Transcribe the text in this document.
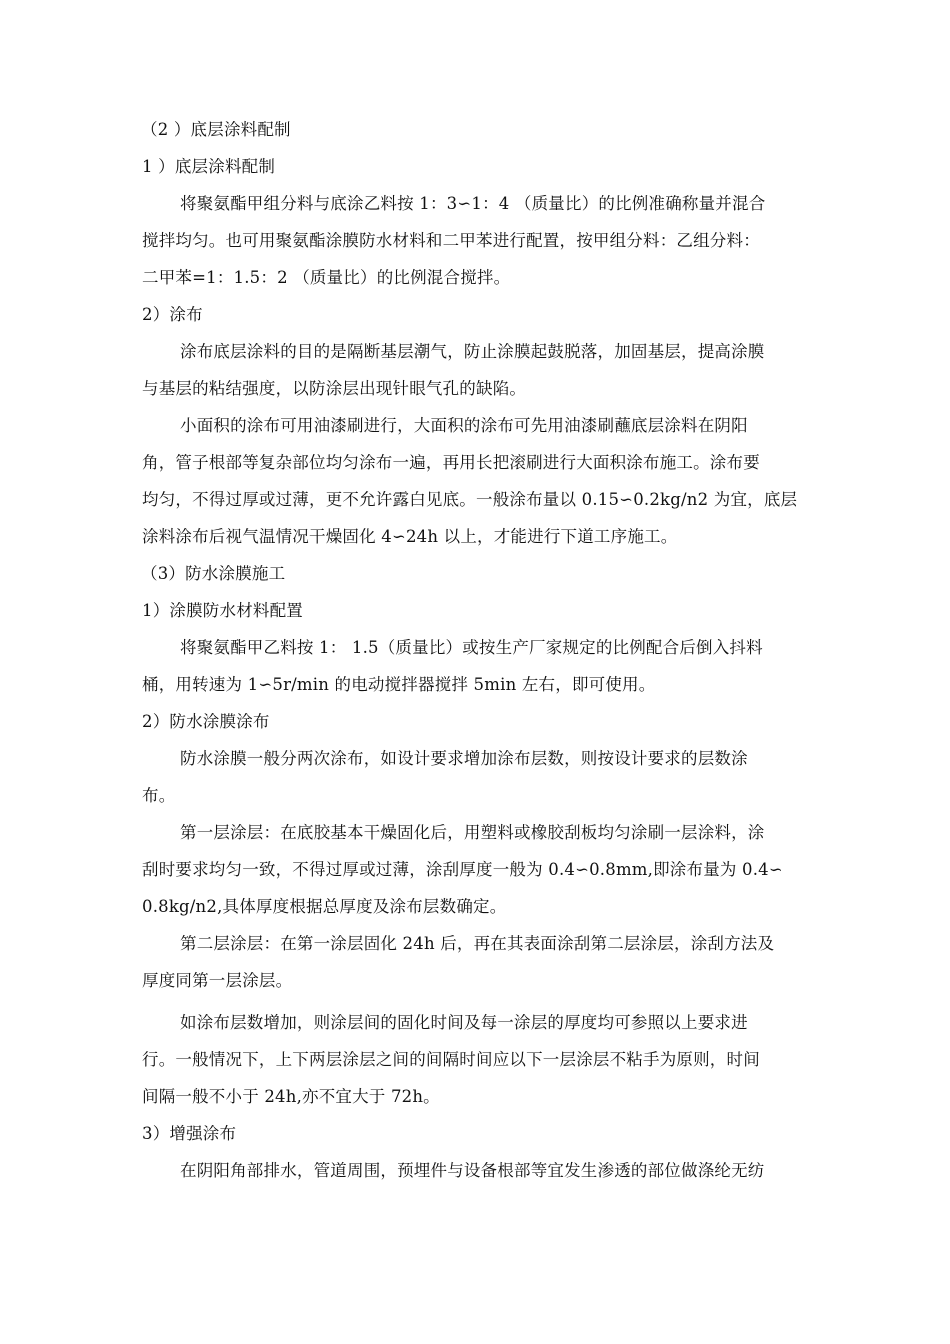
（2 ）底层涂料配制
1 ）底层涂料配制
将聚氨酯甲组分料与底涂乙料按 1：3∽1：4 （质量比）的比例准确称量并混合
搅拌均匀。也可用聚氨酯涂膜防水材料和二甲苯进行配置，按甲组分料：乙组分料：
二甲苯=1：1.5：2 （质量比）的比例混合搅拌。
2）涂布
涂布底层涂料的目的是隔断基层潮气，防止涂膜起鼓脱落，加固基层，提高涂膜
与基层的粘结强度，以防涂层出现针眼气孔的缺陷。
小面积的涂布可用油漆刷进行，大面积的涂布可先用油漆刷蘸底层涂料在阴阳
角，管子根部等复杂部位均匀涂布一遍，再用长把滚刷进行大面积涂布施工。涂布要
均匀，不得过厚或过薄，更不允许露白见底。一般涂布量以 0.15∽0.2kg/n2 为宜，底层
涂料涂布后视气温情况干燥固化 4∽24h 以上，才能进行下道工序施工。
（3）防水涂膜施工
1）涂膜防水材料配置
将聚氨酯甲乙料按 1： 1.5（质量比）或按生产厂家规定的比例配合后倒入抖料
桶，用转速为 1∽5r/min 的电动搅拌器搅拌 5min 左右，即可使用。
2）防水涂膜涂布
防水涂膜一般分两次涂布，如设计要求增加涂布层数，则按设计要求的层数涂
布。
第一层涂层：在底胶基本干燥固化后，用塑料或橡胶刮板均匀涂刷一层涂料，涂
刮时要求均匀一致，不得过厚或过薄，涂刮厚度一般为 0.4∽0.8mm,即涂布量为 0.4∽
0.8kg/n2,具体厚度根据总厚度及涂布层数确定。
第二层涂层：在第一涂层固化 24h 后，再在其表面涂刮第二层涂层，涂刮方法及
厚度同第一层涂层。
如涂布层数增加，则涂层间的固化时间及每一涂层的厚度均可参照以上要求进
行。一般情况下，上下两层涂层之间的间隔时间应以下一层涂层不粘手为原则，时间
间隔一般不小于 24h,亦不宜大于 72h。
3）增强涂布
在阴阳角部排水，管道周围，预埋件与设备根部等宜发生渗透的部位做涤纶无纺
